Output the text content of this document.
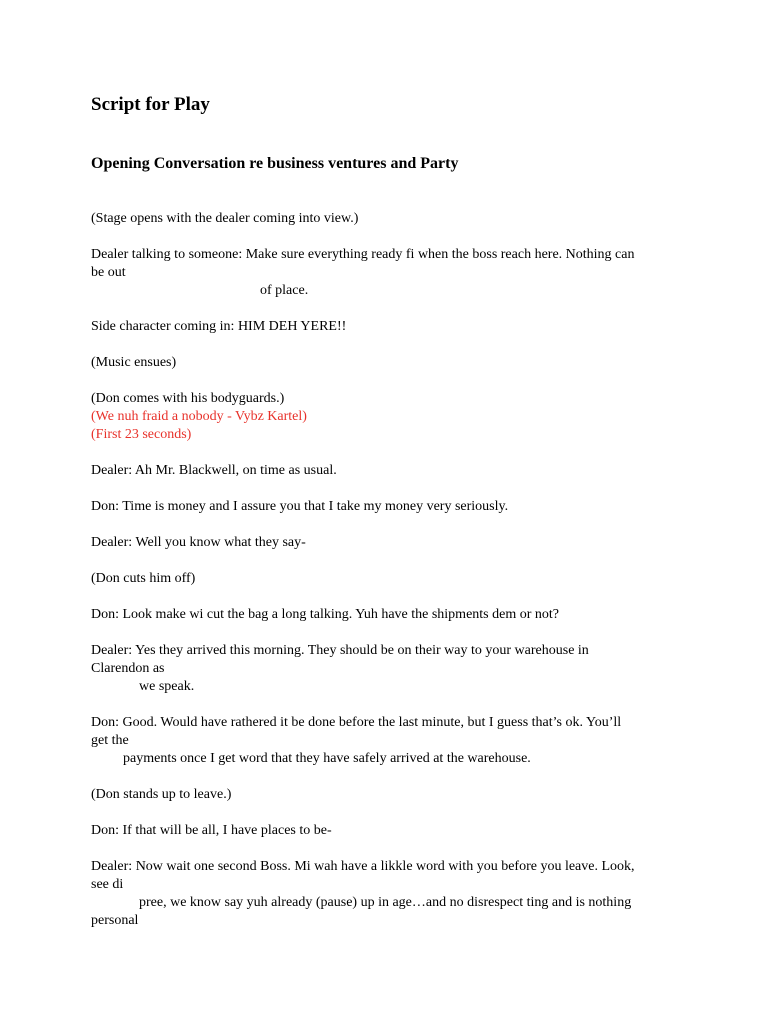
Script for Play
Opening Conversation re business ventures and Party
(Stage opens with the dealer coming into view.)
Dealer talking to someone: Make sure everything ready fi when the boss reach here. Nothing can
be out
of place.
Side character coming in: HIM DEH YERE!!
(Music ensues)
(Don comes with his bodyguards.)
(We nuh fraid a nobody - Vybz Kartel)
(First 23 seconds)
Dealer: Ah Mr. Blackwell, on time as usual.
Don: Time is money and I assure you that I take my money very seriously.
Dealer: Well you know what they say-
(Don cuts him off)
Don: Look make wi cut the bag a long talking. Yuh have the shipments dem or not?
Dealer: Yes they arrived this morning. They should be on their way to your warehouse in
Clarendon as
we speak.
Don: Good. Would have rathered it be done before the last minute, but I guess that’s ok. You’ll
get the
payments once I get word that they have safely arrived at the warehouse.
(Don stands up to leave.)
Don: If that will be all, I have places to be-
Dealer: Now wait one second Boss. Mi wah have a likkle word with you before you leave. Look,
see di
pree, we know say yuh already (pause) up in age…and no disrespect ting and is nothing
personal
